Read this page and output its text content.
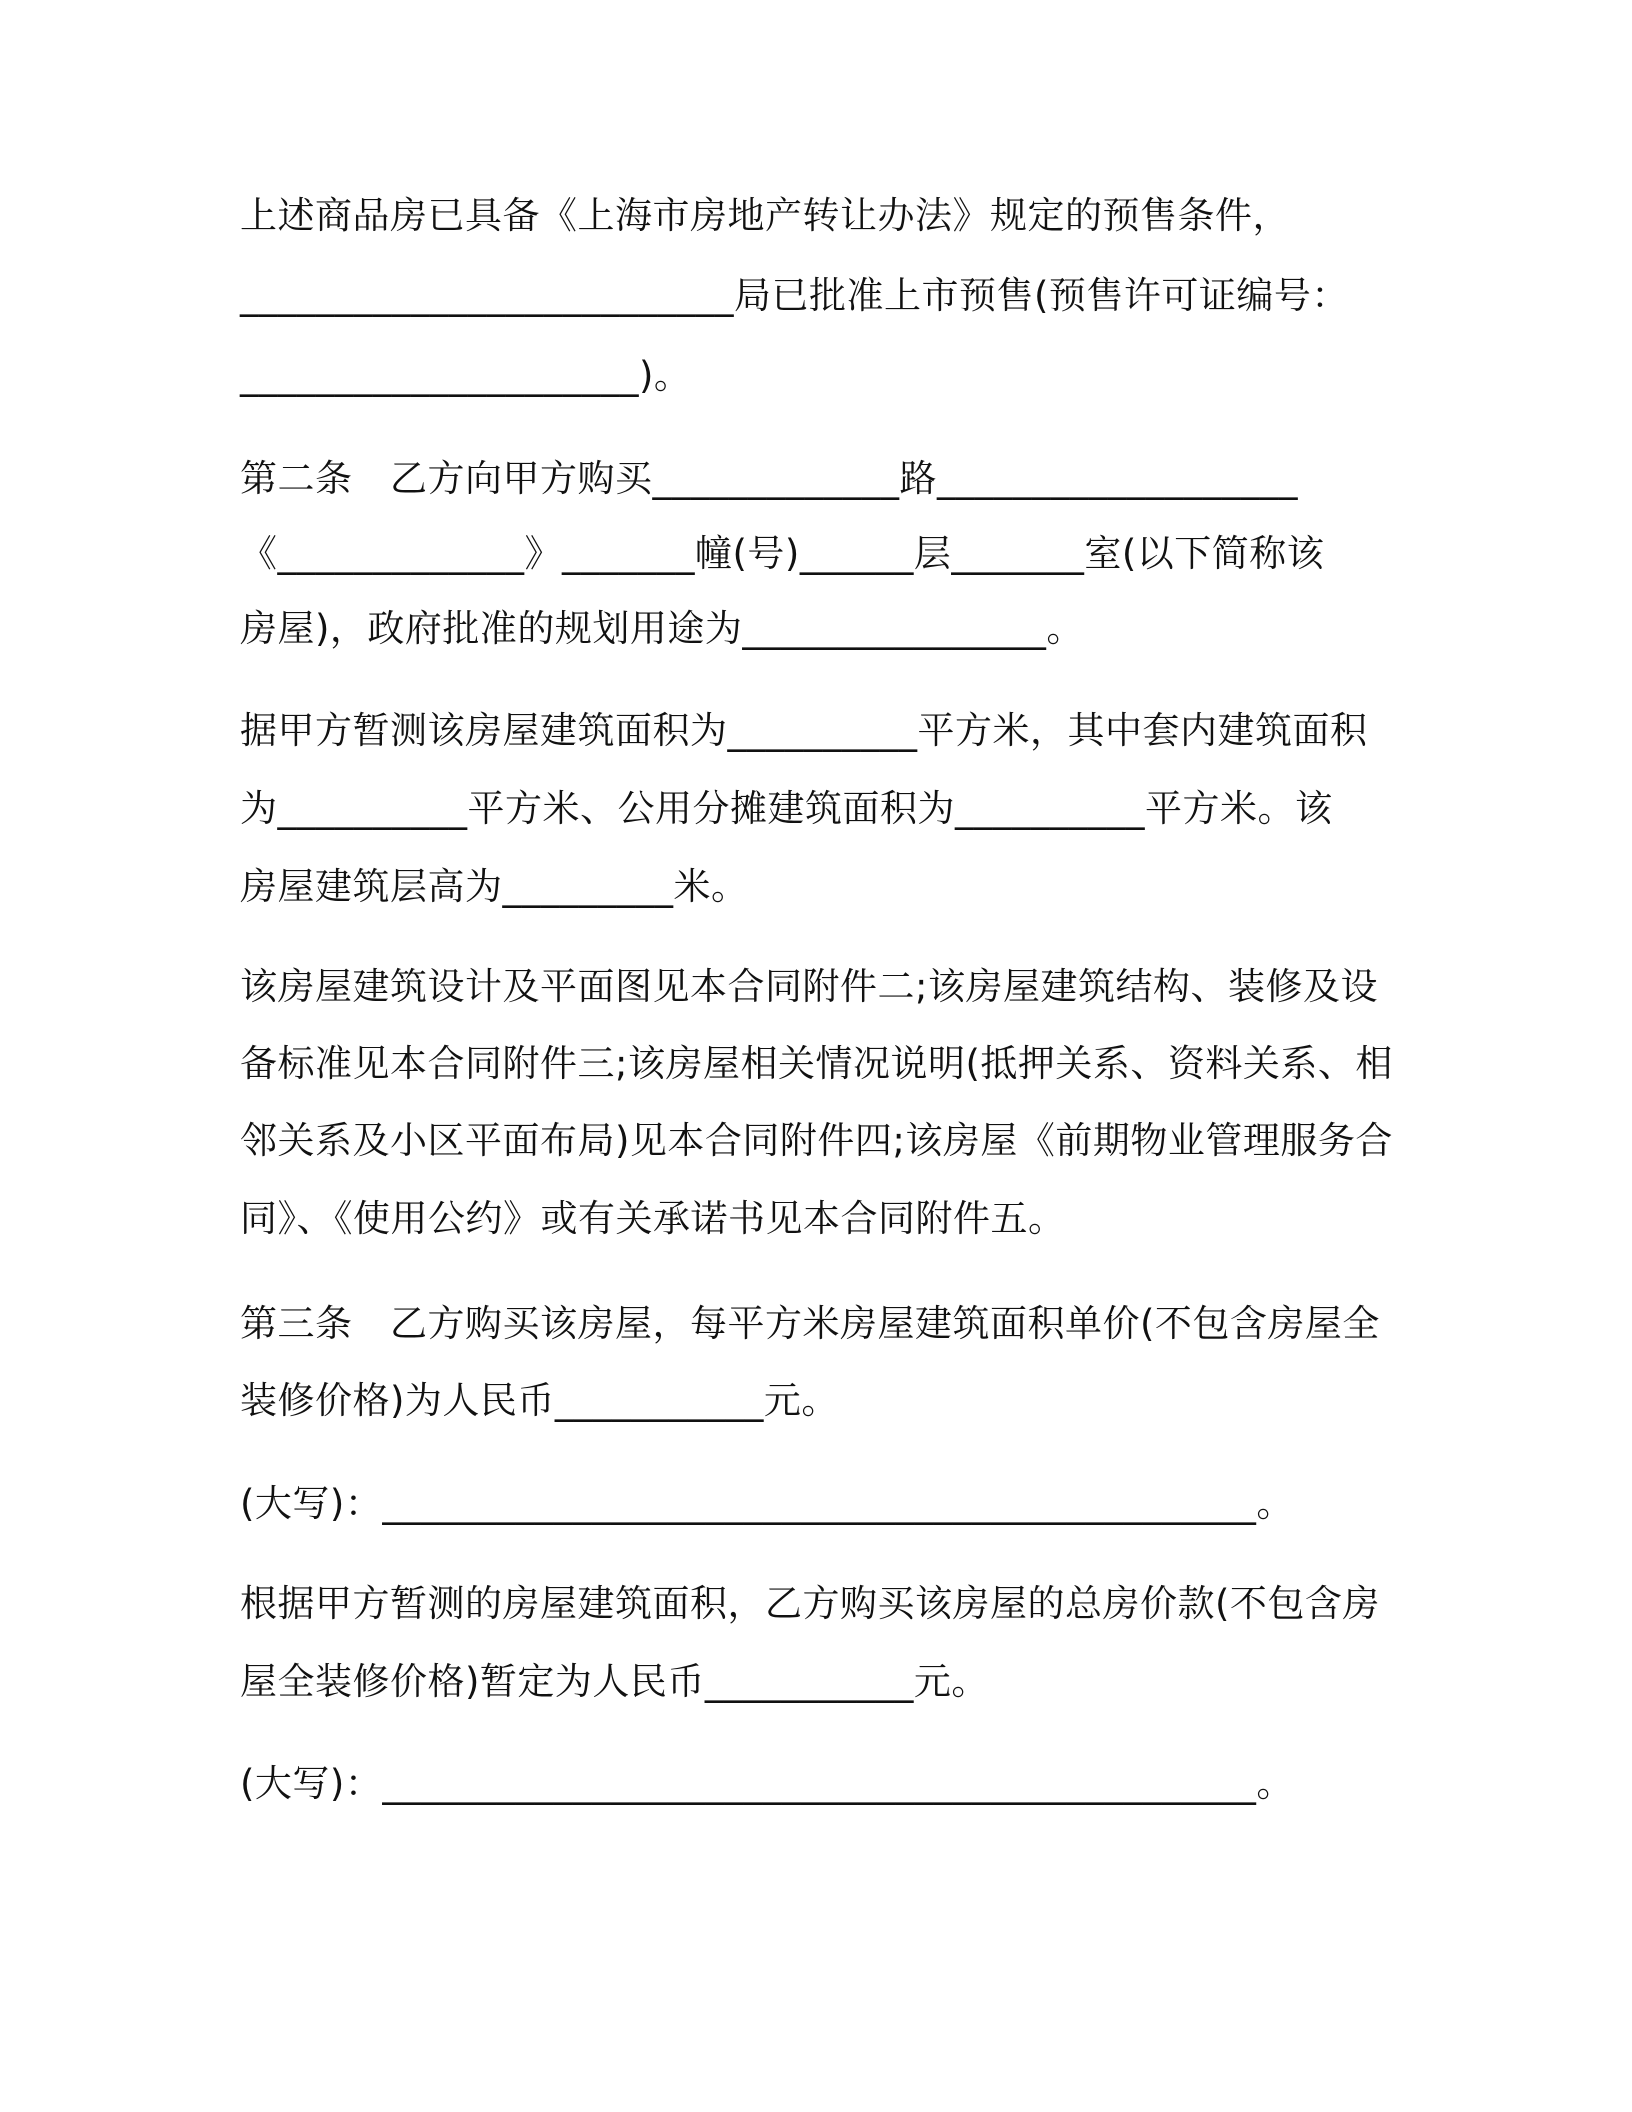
上述商品房已具备《上海市房地产转让办法》规定的预售条件，
__________________________局已批准上市预售(预售许可证编号：
_____________________)。
第二条　乙方向甲方购买_____________路___________________
《_____________》_______幢(号)______层_______室(以下简称该
房屋)，政府批准的规划用途为________________。
据甲方暂测该房屋建筑面积为__________平方米，其中套内建筑面积
为__________平方米、公用分摊建筑面积为__________平方米。该
房屋建筑层高为_________米。
该房屋建筑设计及平面图见本合同附件二;该房屋建筑结构、装修及设
备标准见本合同附件三;该房屋相关情况说明(抵押关系、资料关系、相
邻关系及小区平面布局)见本合同附件四;该房屋《前期物业管理服务合
同》、《使用公约》或有关承诺书见本合同附件五。
第三条　乙方购买该房屋，每平方米房屋建筑面积单价(不包含房屋全
装修价格)为人民币___________元。
(大写)：______________________________________________。
根据甲方暂测的房屋建筑面积，乙方购买该房屋的总房价款(不包含房
屋全装修价格)暂定为人民币___________元。
(大写)：______________________________________________。
